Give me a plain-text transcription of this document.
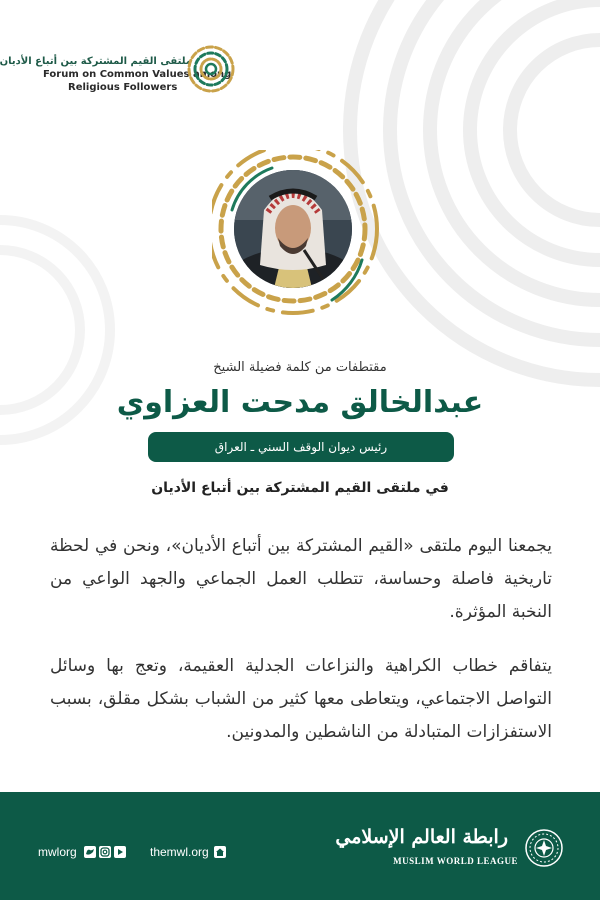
ملتقى القيم المشتركة بين أتباع الأديان
Forum on Common Values among
Religious Followers
مقتطفات من كلمة فضيلة الشيخ
عبدالخالق مدحت العزاوي
رئيس ديوان الوقف السني ـ العراق
في ملتقى القيم المشتركة بين أتباع الأديان
يجمعنا اليوم ملتقى «القيم المشتركة بين أتباع الأديان»، ونحن في لحظة تاريخية فاصلة وحساسة، تتطلب العمل الجماعي والجهد الواعي من النخبة المؤثرة.
يتفاقم خطاب الكراهية والنزاعات الجدلية العقيمة، وتعج بها وسائل التواصل الاجتماعي، ويتعاطى معها كثير من الشباب بشكل مقلق، بسبب الاستفزازات المتبادلة من الناشطين والمدونين.
mwlorg	themwl.org
رابطة العالم الإسلامي
MUSLIM WORLD LEAGUE
